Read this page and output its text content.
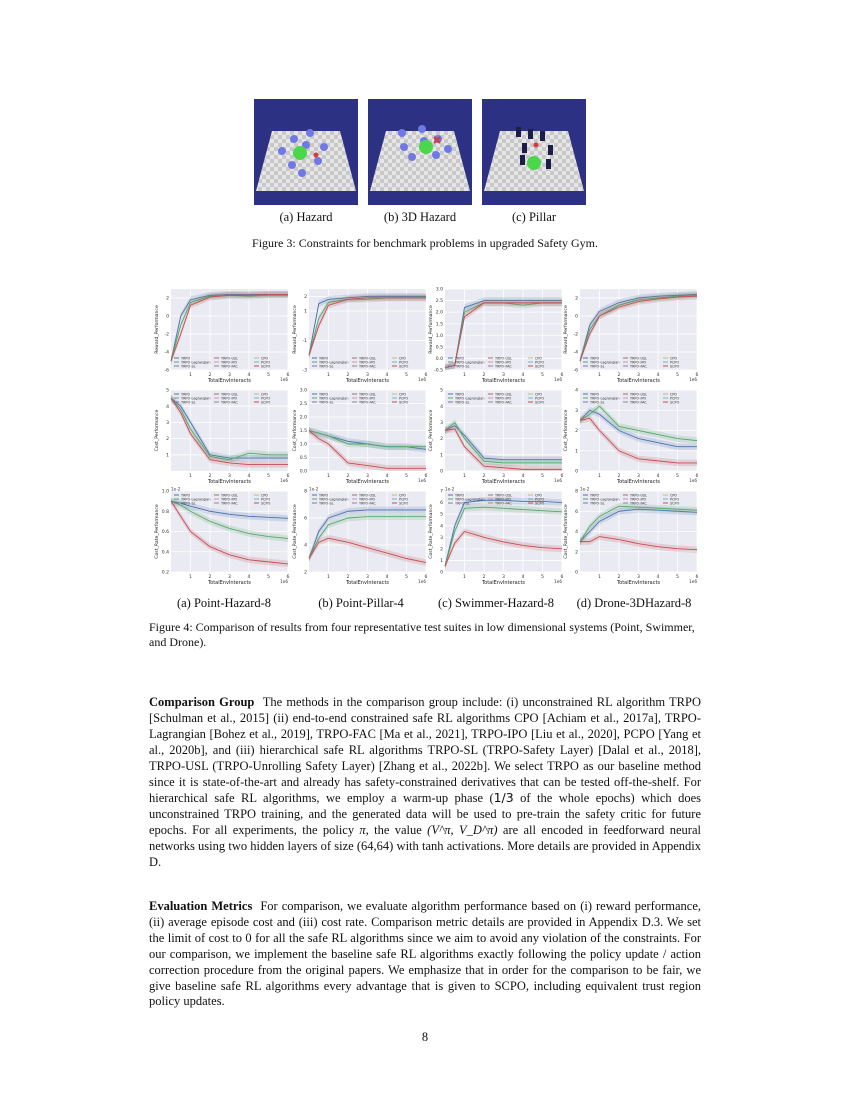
(a) Hazard	(b) 3D Hazard	(c) Pillar
Figure 3: Constraints for benchmark problems in upgraded Safety Gym.
1	2	3	4	5	6
-6
-4
-2
0
2
1e6
TotalEnvInteracts
Reward_Performance
TRPO
TRPO-Lagrangian
TRPO-SL
TRPO-USL
TRPO-IPO
TRPO-FAC
CPO
PCPO
SCPO
1	2	3	4	5	6
-3
-1
1
2
1e6
TotalEnvInteracts
Reward_Performance
TRPO
TRPO-Lagrangian
TRPO-SL
TRPO-USL
TRPO-IPO
TRPO-FAC
CPO
PCPO
SCPO
1	2	3	4	5	6
-0.5
0.0
0.5
1.0
1.5
2.0
2.5
3.0
1e6
TotalEnvInteracts
Reward_Performance
TRPO
TRPO-Lagrangian
TRPO-SL
TRPO-USL
TRPO-IPO
TRPO-FAC
CPO
PCPO
SCPO
1	2	3	4	5	6
-6
-4
-2
0
2
1e6
TotalEnvInteracts
Reward_Performance
TRPO
TRPO-Lagrangian
TRPO-SL
TRPO-USL
TRPO-IPO
TRPO-FAC
CPO
PCPO
SCPO
1	2	3	4	5	6
1
2
3
4
5
1e6
TotalEnvInteracts
Cost_Performance
TRPO
TRPO-Lagrangian
TRPO-SL
TRPO-USL
TRPO-IPO
TRPO-FAC
CPO
PCPO
SCPO
1	2	3	4	5	6
0.0
0.5
1.0
1.5
2.0
2.5
3.0
1e6
TotalEnvInteracts
Cost_Performance
TRPO
TRPO-Lagrangian
TRPO-SL
TRPO-USL
TRPO-IPO
TRPO-FAC
CPO
PCPO
SCPO
1	2	3	4	5	6
0
1
2
3
4
5
1e6
TotalEnvInteracts
Cost_Performance
TRPO
TRPO-Lagrangian
TRPO-SL
TRPO-USL
TRPO-IPO
TRPO-FAC
CPO
PCPO
SCPO
1	2	3	4	5	6
0
1
2
3
4
1e6
TotalEnvInteracts
Cost_Performance
TRPO
TRPO-Lagrangian
TRPO-SL
TRPO-USL
TRPO-IPO
TRPO-FAC
CPO
PCPO
SCPO
1	2	3	4	5	6
0.2
0.4
0.6
0.8
1.0
1e6
1e-2
TotalEnvInteracts
Cost_Rate_Performance
TRPO
TRPO-Lagrangian
TRPO-SL
TRPO-USL
TRPO-IPO
TRPO-FAC
CPO
PCPO
SCPO
1	2	3	4	5	6
2
4
6
8
1e6
1e-2
TotalEnvInteracts
Cost_Rate_Performance
TRPO
TRPO-Lagrangian
TRPO-SL
TRPO-USL
TRPO-IPO
TRPO-FAC
CPO
PCPO
SCPO
1	2	3	4	5	6
0
1
2
3
4
5
6
7
1e6
1e-2
TotalEnvInteracts
Cost_Rate_Performance
TRPO
TRPO-Lagrangian
TRPO-SL
TRPO-USL
TRPO-IPO
TRPO-FAC
CPO
PCPO
SCPO
1	2	3	4	5	6
0
2
4
6
8
1e6
1e-2
TotalEnvInteracts
Cost_Rate_Performance
TRPO
TRPO-Lagrangian
TRPO-SL
TRPO-USL
TRPO-IPO
TRPO-FAC
CPO
PCPO
SCPO
(a) Point-Hazard-8	(b) Point-Pillar-4	(c) Swimmer-Hazard-8	(d) Drone-3DHazard-8
Figure 4: Comparison of results from four representative test suites in low dimensional systems (Point, Swimmer, and Drone).
Comparison Group The methods in the comparison group include: (i) unconstrained RL algorithm TRPO [Schulman et al., 2015] (ii) end-to-end constrained safe RL algorithms CPO [Achiam et al., 2017a], TRPO-Lagrangian [Bohez et al., 2019], TRPO-FAC [Ma et al., 2021], TRPO-IPO [Liu et al., 2020], PCPO [Yang et al., 2020b], and (iii) hierarchical safe RL algorithms TRPO-SL (TRPO-Safety Layer) [Dalal et al., 2018], TRPO-USL (TRPO-Unrolling Safety Layer) [Zhang et al., 2022b]. We select TRPO as our baseline method since it is state-of-the-art and already has safety-constrained derivatives that can be tested off-the-shelf. For hierarchical safe RL algorithms, we employ a warm-up phase (1/3 of the whole epochs) which does unconstrained TRPO training, and the generated data will be used to pre-train the safety critic for future epochs. For all experiments, the policy π, the value (V^π, V_D^π) are all encoded in feedforward neural networks using two hidden layers of size (64,64) with tanh activations. More details are provided in Appendix D.
Evaluation Metrics For comparison, we evaluate algorithm performance based on (i) reward performance, (ii) average episode cost and (iii) cost rate. Comparison metric details are provided in Appendix D.3. We set the limit of cost to 0 for all the safe RL algorithms since we aim to avoid any violation of the constraints. For our comparison, we implement the baseline safe RL algorithms exactly following the policy update / action correction procedure from the original papers. We emphasize that in order for the comparison to be fair, we give baseline safe RL algorithms every advantage that is given to SCPO, including equivalent trust region policy updates.
8
